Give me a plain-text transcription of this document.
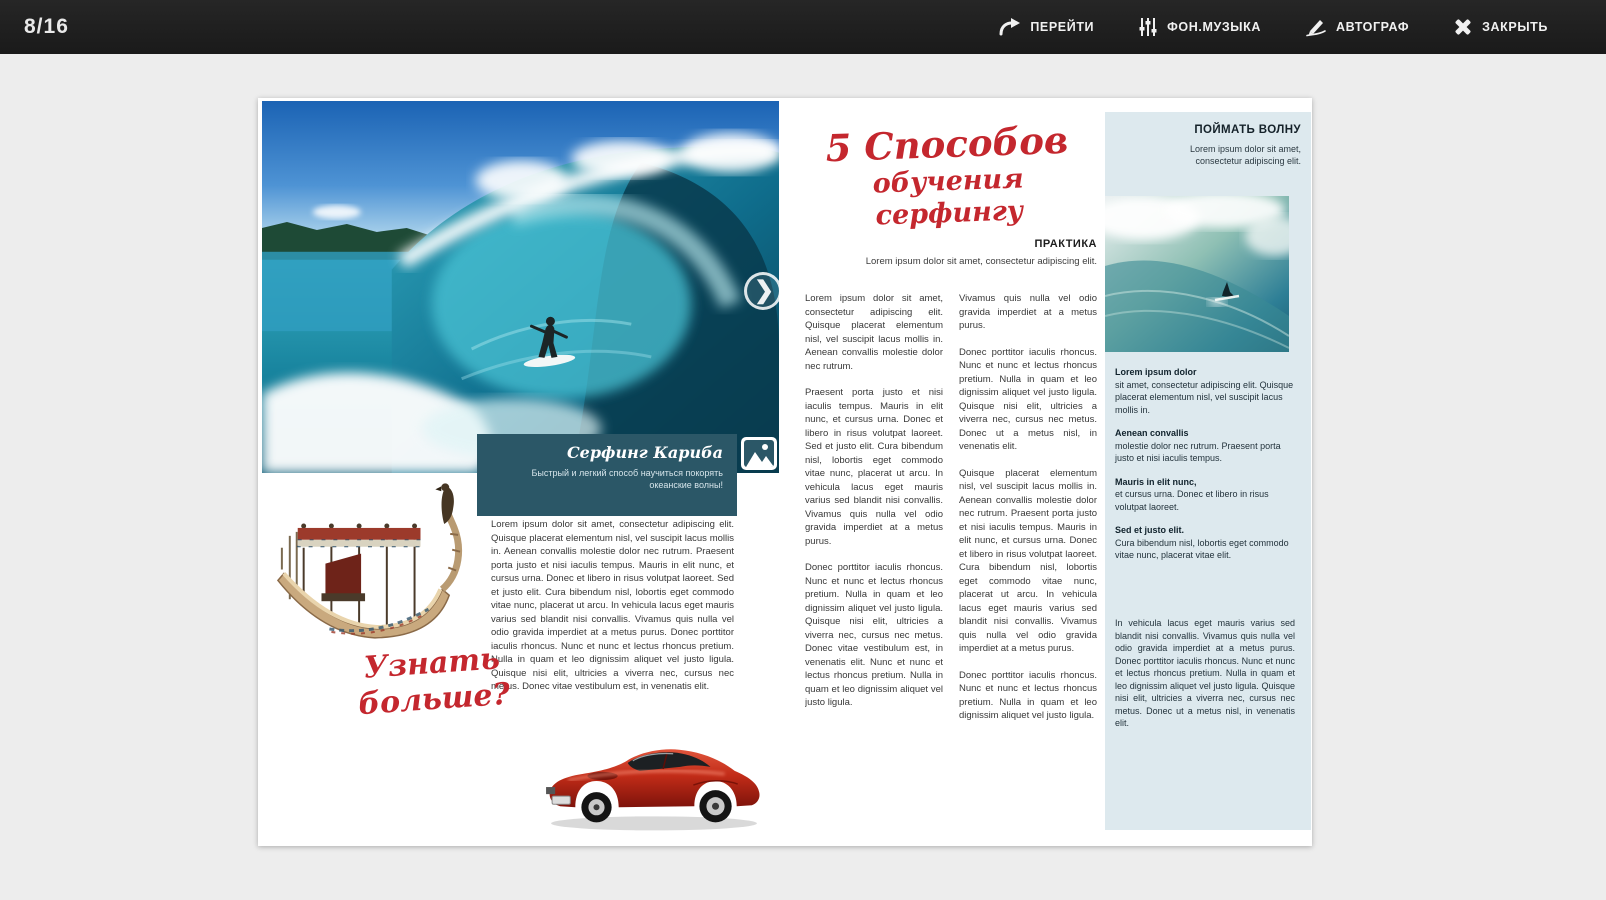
8/16	ПЕРЕЙТИ	ФОН.МУЗЫКА	АВТОГРАФ	ЗАКРЫТЬ
❯
Серфинг Кариба
Быстрый и легкий способ научиться покорять океанские волны!
5 Способов
обучения серфингу
ПРАКТИКА
Lorem ipsum dolor sit amet, consectetur adipiscing elit.

Lorem ipsum dolor sit amet, consectetur adipiscing elit. Quisque placerat elementum nisl, vel suscipit lacus mollis in. Aenean convallis molestie dolor nec rutrum.

Praesent porta justo et nisi iaculis tempus. Mauris in elit nunc, et cursus urna. Donec et libero in risus volutpat laoreet. Sed et justo elit. Cura bibendum nisl, lobortis eget commodo vitae nunc, placerat ut arcu. In vehicula lacus eget mauris varius sed blandit nisi convallis. Vivamus quis nulla vel odio gravida imperdiet at a metus purus.

Donec porttitor iaculis rhoncus. Nunc et nunc et lectus rhoncus pretium. Nulla in quam et leo dignissim aliquet vel justo ligula. Quisque nisi elit, ultricies a viverra nec, cursus nec metus. Donec vitae vestibulum est, in venenatis elit. Nunc et nunc et lectus rhoncus pretium. Nulla in quam et leo dignissim aliquet vel justo ligula.

Vivamus quis nulla vel odio gravida imperdiet at a metus purus.

Donec porttitor iaculis rhoncus. Nunc et nunc et lectus rhoncus pretium. Nulla in quam et leo dignissim aliquet vel justo ligula. Quisque nisi elit, ultricies a viverra nec, cursus nec metus. Donec ut a metus nisl, in venenatis elit.

Quisque placerat elementum nisl, vel suscipit lacus mollis in. Aenean convallis molestie dolor nec rutrum. Praesent porta justo et nisi iaculis tempus. Mauris in elit nunc, et cursus urna. Donec et libero in risus volutpat laoreet. Cura bibendum nisl, lobortis eget commodo vitae nunc, placerat ut arcu. In vehicula lacus eget mauris varius sed blandit nisi convallis. Vivamus quis nulla vel odio gravida imperdiet at a metus purus.

Donec porttitor iaculis rhoncus. Nunc et nunc et lectus rhoncus pretium. Nulla in quam et leo dignissim aliquet vel justo ligula.

Lorem ipsum dolor sit amet, consectetur adipiscing elit. Quisque placerat elementum nisl, vel suscipit lacus mollis in. Aenean convallis molestie dolor nec rutrum. Praesent porta justo et nisi iaculis tempus. Mauris in elit nunc, et cursus urna. Donec et libero in risus volutpat laoreet. Sed et justo elit. Cura bibendum nisl, lobortis eget commodo vitae nunc, placerat ut arcu. In vehicula lacus eget mauris varius sed blandit nisi convallis. Vivamus quis nulla vel odio gravida imperdiet at a metus purus. Donec porttitor iaculis rhoncus. Nunc et nunc et lectus rhoncus pretium. Nulla in quam et leo dignissim aliquet vel justo ligula. Quisque nisi elit, ultricies a viverra nec, cursus nec metus. Donec vitae vestibulum est, in venenatis elit.
Узнать
больше?
ПОЙМАТЬ ВОЛНУ
Lorem ipsum dolor sit amet, consectetur adipiscing elit.
Lorem ipsum dolor
sit amet, consectetur adipiscing elit. Quisque placerat elementum nisl, vel suscipit lacus mollis in.
Aenean convallis
molestie dolor nec rutrum. Praesent porta justo et nisi iaculis tempus.
Mauris in elit nunc,
et cursus urna. Donec et libero in risus volutpat laoreet.
Sed et justo elit.
Cura bibendum nisl, lobortis eget commodo vitae nunc, placerat vitae elit.
In vehicula lacus eget mauris varius sed blandit nisi convallis. Vivamus quis nulla vel odio gravida imperdiet at a metus purus. Donec porttitor iaculis rhoncus. Nunc et nunc et lectus rhoncus pretium. Nulla in quam et leo dignissim aliquet vel justo ligula. Quisque nisi elit, ultricies a viverra nec, cursus nec metus. Donec ut a metus nisl, in venenatis elit.
